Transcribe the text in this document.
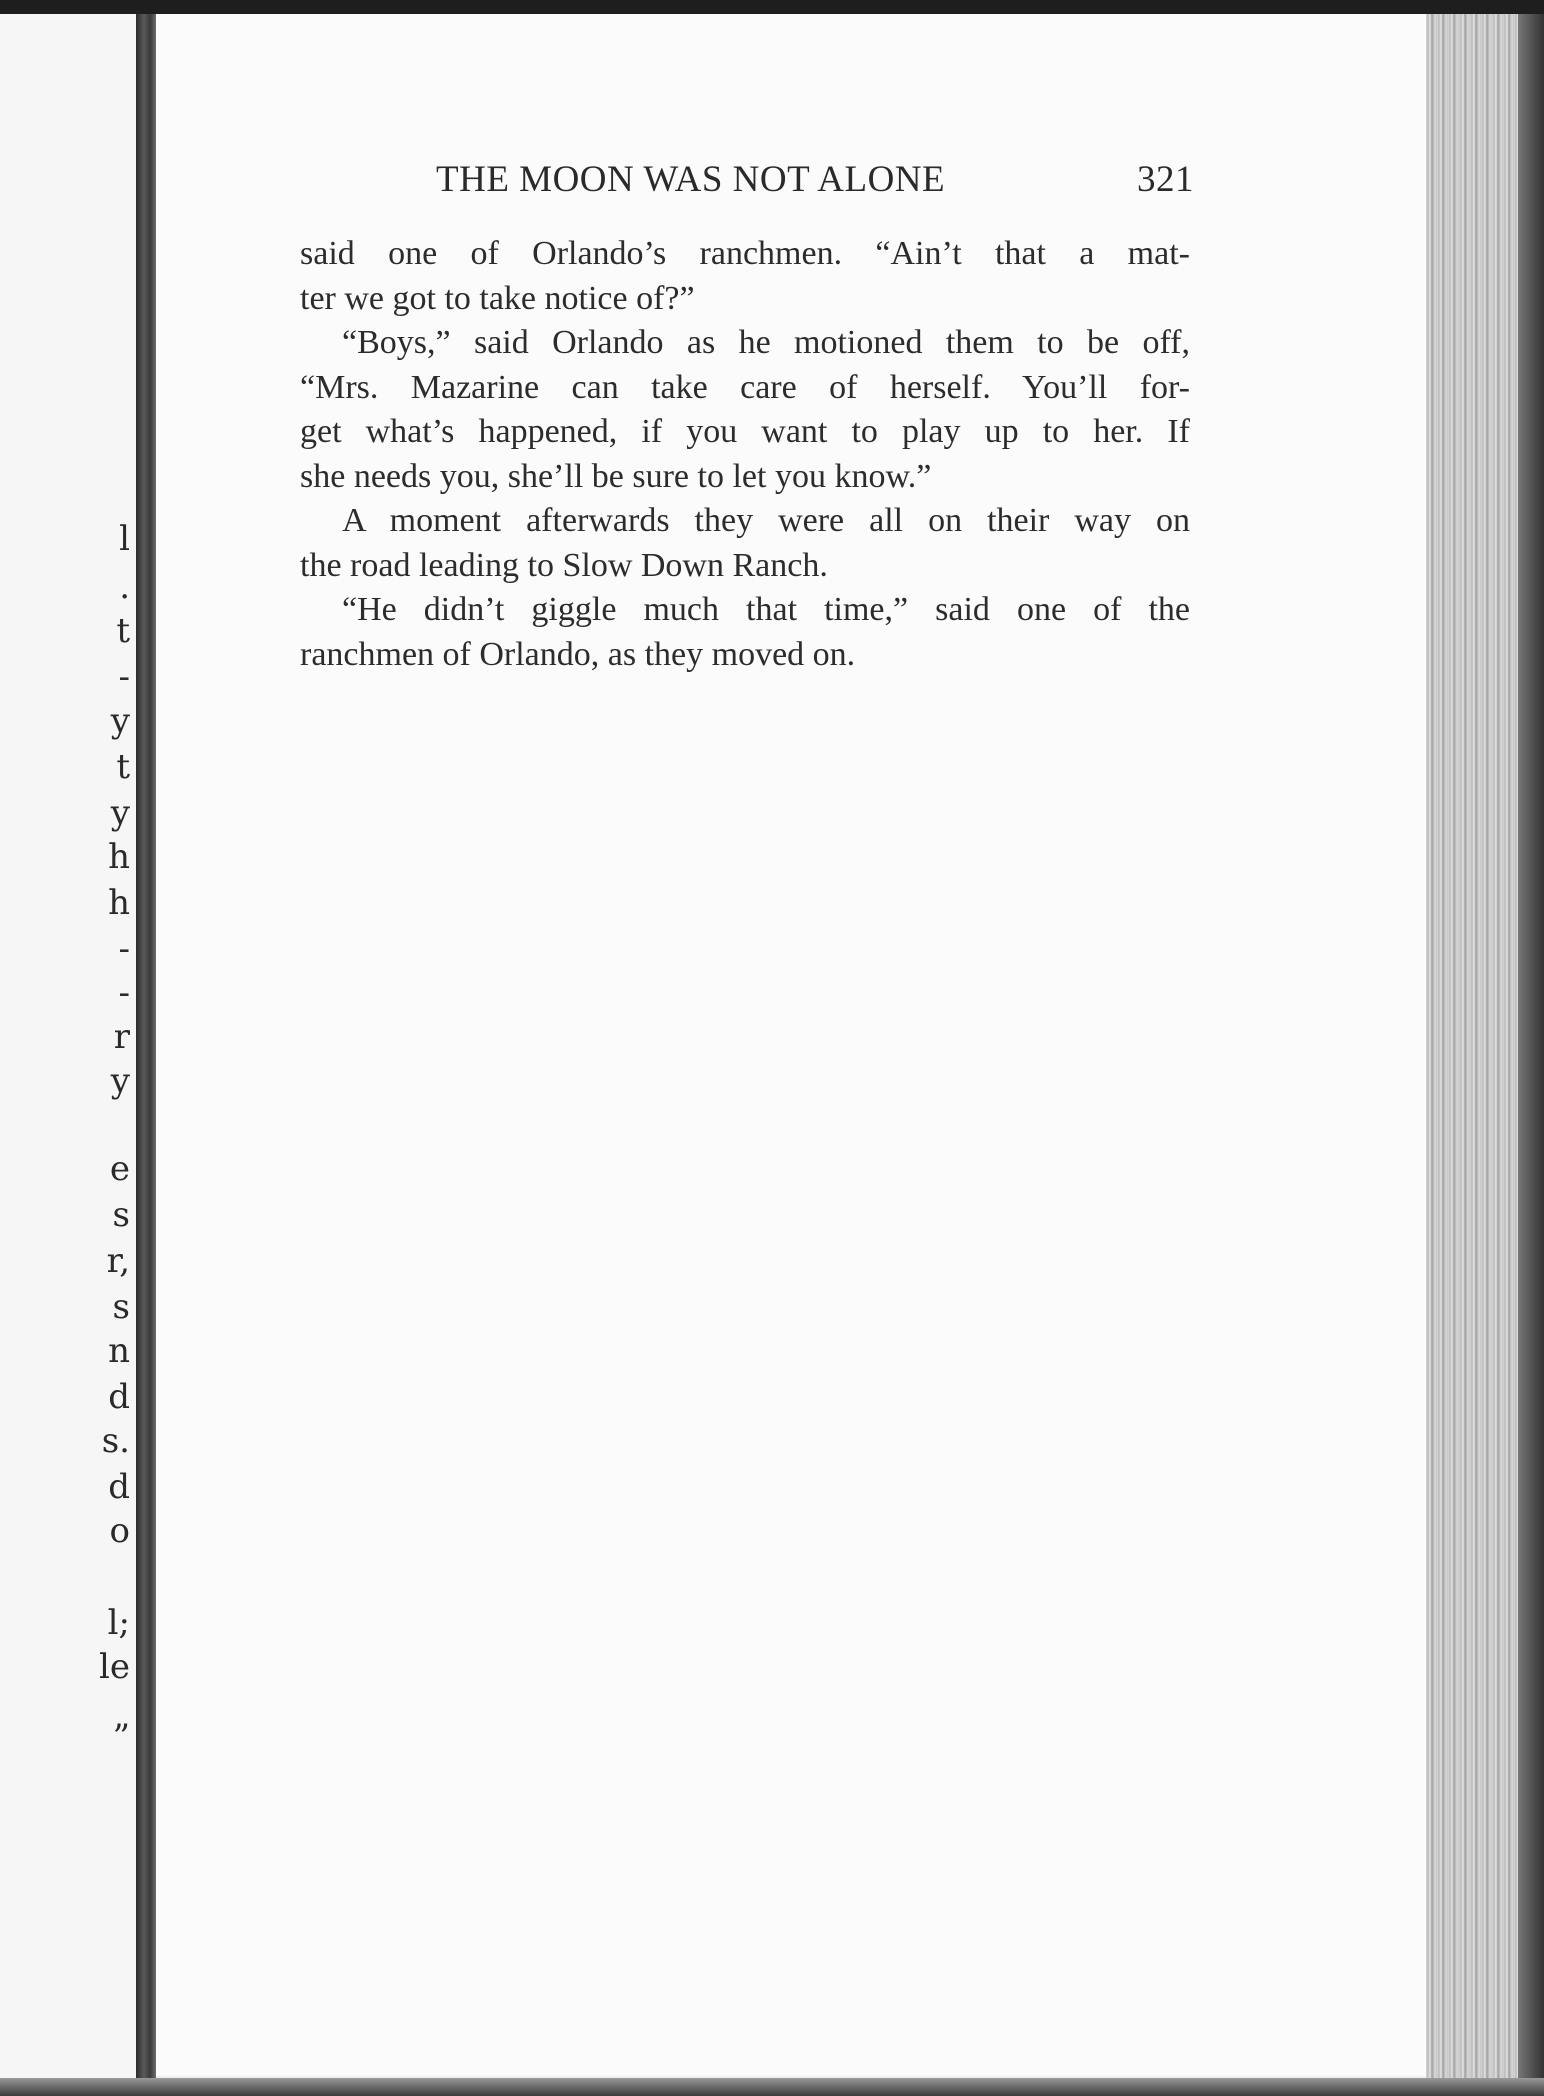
l
.
t
-
y
t
y
h
h
-
-
r
y
e
s
r,
s
n
d
s.
d
o
l;
le
”
THE MOON WAS NOT ALONE	321
said one of Orlando’s ranchmen. “Ain’t that a mat-
ter we got to take notice of?”
“Boys,” said Orlando as he motioned them to be off,
“Mrs. Mazarine can take care of herself. You’ll for-
get what’s happened, if you want to play up to her. If
she needs you, she’ll be sure to let you know.”
A moment afterwards they were all on their way on
the road leading to Slow Down Ranch.
“He didn’t giggle much that time,” said one of the
ranchmen of Orlando, as they moved on.
